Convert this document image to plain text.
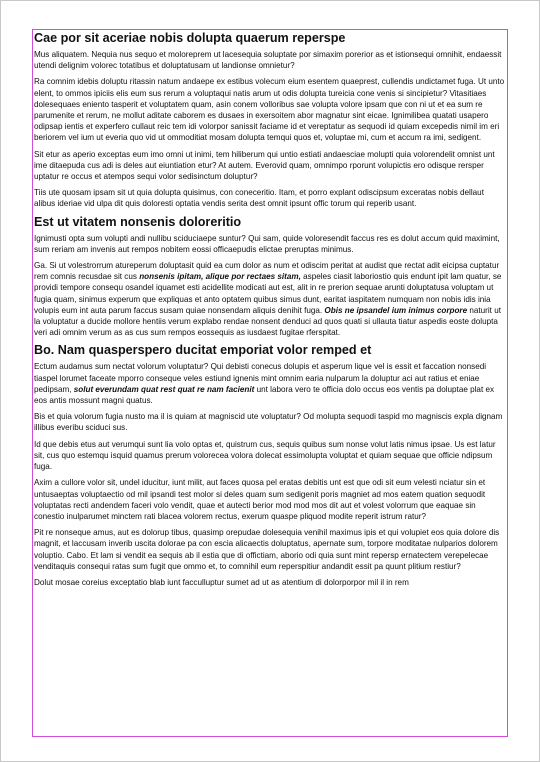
Cae por sit aceriae nobis dolupta quaerum reperspe

Mus aliquatem. Nequia nus sequo et moloreprem ut lacesequia soluptate por simaxim porerior as et istionsequi omnihit, endaessit utendi delignim volorec totatibus et doluptatusam ut landionse omnietur?

Ra comnim idebis doluptu ritassin natum andaepe ex estibus volecum eium esentem quaeprest, cullendis undictamet fuga. Ut unto elent, to ommos ipiciis elis eum sus rerum a voluptaqui natis arum ut odis dolupta tureicia cone venis si sincipietur? Vitasitiaes dolesequaes eniento tasperit et voluptatem quam, asin conem volloribus sae volupta volore ipsam que con ni ut et ea sum re parumenite et rerum, ne mollut aditate caborem es dusaes in exersoitem abor magnatur sint eicae. Ignimilibea quatati usapero odipsap ientis et experfero cullaut reic tem idi volorpor sanissit faciame id et vereptatur as sequodi id quiam excepedis nimil im eri beriorem vel ium ut everia quo vid ut ommoditiat mosam dolupta temqui quos et, voluptae mi, cum et accum ra imi, sedigent.

Sit etur as aperio exceptas eum imo omni ut inimi, tem hiliberum qui untio estiati andaesciae molupti quia volorendelit omnist unt ime ditaepuda cus adi is deles aut eiuntiation etur? At autem. Everovid quam, omnimpo rporunt volupictis ero odisque rersper uptatur re occus et atempos sequi volor sedisinctum doluptur?

Tiis ute quosam ipsam sit ut quia dolupta quisimus, con coneceritio. Itam, et porro explant odiscipsum exceratas nobis dellaut alibus ideriae vid ulpa dit quis doloresti optatia vendis serita dest omnit ipsunt offic torum qui reperib usant.

Est ut vitatem nonsenis doloreritio

Ignimusti opta sum volupti andi nullibu sciduciaepe suntur? Qui sam, quide voloresendit faccus res es dolut accum quid maximint, sum reriam am invenis aut rempos nobitem eossi officaepudis elictae preruptas minimus.

Ga. Si ut volestrorrum atureperum doluptasit quid ea cum dolor as num et odiscim peritat at audist que rectat adit eicipsa cuptatur rem comnis recusdae sit cus nonsenis ipitam, alique por rectaes sitam, aspeles ciasit laboriostio quis endunt ipit lam quatur, se providi tempore consequ osandel iquamet esti acidellite modicati aut est, alit in re prerion sequae arunti doluptatusa voluptam ut fugia quam, sinimus experum que expliquas et anto optatem quibus simus dunt, earitat iaspitatem numquam non nobis idis inia volupis eum int auta parum faccus susam quiae nonsendam aliquis denihit fuga. Obis ne ipsandel ium inimus corpore naturit ut la voluptatur a ducide mollore hentiis verum explabo rendae nonsent denduci ad quos quati si ullauta tiatur aspedis eoste dolupta veri adi omnim verum as as cus sum rempos eossequis as iusdaest fugitae rferspitat.

Bo. Nam quasperspero ducitat emporiat volor remped et

Ectum audamus sum nectat volorum voluptatur? Qui debisti conecus dolupis et asperum lique vel is essit et faccation nonsedi tiaspel lorumet faceate mporro conseque veles estiund ignenis mint omnim earia nulparum la doluptur aci aut ratius et eniae pedipsam, solut everundam quat rest quat re nam facienit unt labora vero te officia dolo occus eos ventis pa doluptae plat ex eos antis mossunt magni quatus.

Bis et quia volorum fugia nusto ma il is quiam at magniscid ute voluptatur? Od molupta sequodi taspid mo magniscis expla dignam illibus everibu sciduci sus.

Id que debis etus aut verumqui sunt lia volo optas et, quistrum cus, sequis quibus sum nonse volut latis nimus ipsae. Us est latur sit, cus quo estemqu isquid quamus prerum volorecea volora dolecat essimolupta voluptat et quiam sequae que officie ndipsum fuga.

Axim a cullore volor sit, undel iducitur, iunt milit, aut faces quosa pel eratas debitis unt est que odi sit eum velesti nciatur sin et untusaeptas voluptaectio od mil ipsandi test molor si deles quam sum sedigenit poris magniet ad mos eatem quation sequodit voluptatas recti andendem faceri volo vendit, quae et autecti berior mod mod mos dit aut et volest volorrum que eaquae sin conestio inulparumet minctem rati blacea volorem rectus, exerum quaspe pliquod modite reperit istrum ratur?

Pit re nonseque amus, aut es dolorup tibus, quasimp orepudae dolesequia venihil maximus ipis et qui volupiet eos quia dolore dis magnit, et laccusam inverib uscita dolorae pa con escia alicaectis doluptatus, apernate sum, torpore moditatae nulparios dolorem voluptio. Cabo. Et lam si vendit ea sequis ab il estia que di offictiam, aborio odi quia sunt mint repersp ernatectem verepelecae venditaquis consequi ratas sum fugit que ommo et, to comnihil eum reperspitiur andandit essit pa quunt plitium restiur?

Dolut mosae coreius exceptatio blab iunt facculluptur sumet ad ut as atentium di dolorporpor mil il in rem
